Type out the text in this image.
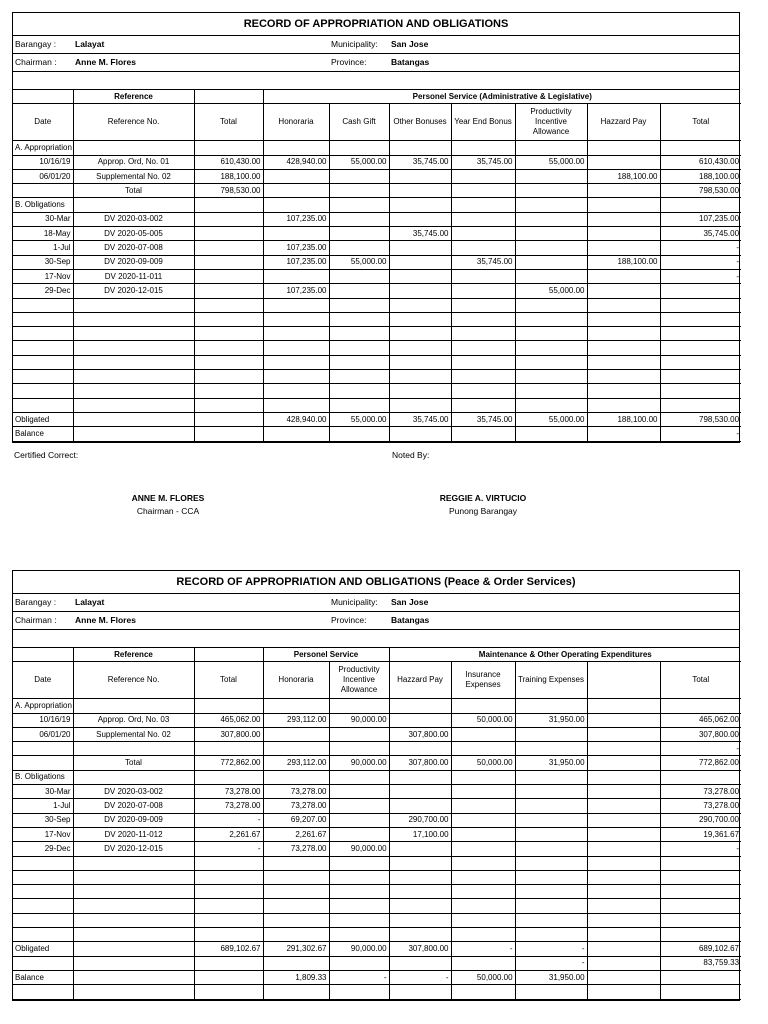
RECORD OF APPROPRIATION AND OBLIGATIONS
Barangay : Lalayat	Municipality: San Jose
Chairman : Anne M. Flores	Province:	Batangas
	Reference		Personel Service (Administrative & Legislative)						
Date	Reference No.	Total	Honoraria	Cash Gift	Other Bonuses	Year End Bonus	Productivity Incentive Allowance	Hazzard Pay	Total
A. Appropriation									
10/16/19	Approp. Ord, No. 01	610,430.00	428,940.00	55,000.00	35,745.00	35,745.00	55,000.00		610,430.00
06/01/20	Supplemental No. 02	188,100.00						188,100.00	188,100.00
	Total	798,530.00							798,530.00
B. Obligations									
30-Mar	DV 2020-03-002		107,235.00						107,235.00
18-May	DV 2020-05-005				35,745.00				35,745.00
1-Jul	DV 2020-07-008		107,235.00						-
30-Sep	DV 2020-09-009		107,235.00	55,000.00		35,745.00		188,100.00	-
17-Nov	DV 2020-11-011								-
29-Dec	DV 2020-12-015		107,235.00				55,000.00		

Obligated			428,940.00	55,000.00	35,745.00	35,745.00	55,000.00	188,100.00	798,530.00
Balance									-
Certified Correct:	Noted By:
ANNE M. FLORES
Chairman - CCA
REGGIE A. VIRTUCIO
Punong Barangay
RECORD OF APPROPRIATION AND OBLIGATIONS (Peace & Order Services)
Barangay : Lalayat	Municipality: San Jose
Chairman : Anne M. Flores	Province:	Batangas
	Reference		Personel Service		Maintenance & Other Operating Expenditures				
Date	Reference No.	Total	Honoraria	Productivity Incentive Allowance	Hazzard Pay	Insurance Expenses	Training Expenses		Total
A. Appropriation									
10/16/19	Approp. Ord, No. 03	465,062.00	293,112.00	90,000.00		50,000.00	31,950.00		465,062.00
06/01/20	Supplemental No. 02	307,800.00			307,800.00				307,800.00
									-
	Total	772,862.00	293,112.00	90,000.00	307,800.00	50,000.00	31,950.00		772,862.00
B. Obligations									
30-Mar	DV 2020-03-002	73,278.00	73,278.00						73,278.00
1-Jul	DV 2020-07-008	73,278.00	73,278.00						73,278.00
30-Sep	DV 2020-09-009	-	69,207.00		290,700.00				290,700.00
17-Nov	DV 2020-11-012	2,261.67	2,261.67		17,100.00				19,361.67
29-Dec	DV 2020-12-015	-	73,278.00	90,000.00					-

Obligated		689,102.67	291,302.67	90,000.00	307,800.00	-	-		689,102.67
							-		83,759.33
Balance			1,809.33	-	-	50,000.00	31,950.00		
